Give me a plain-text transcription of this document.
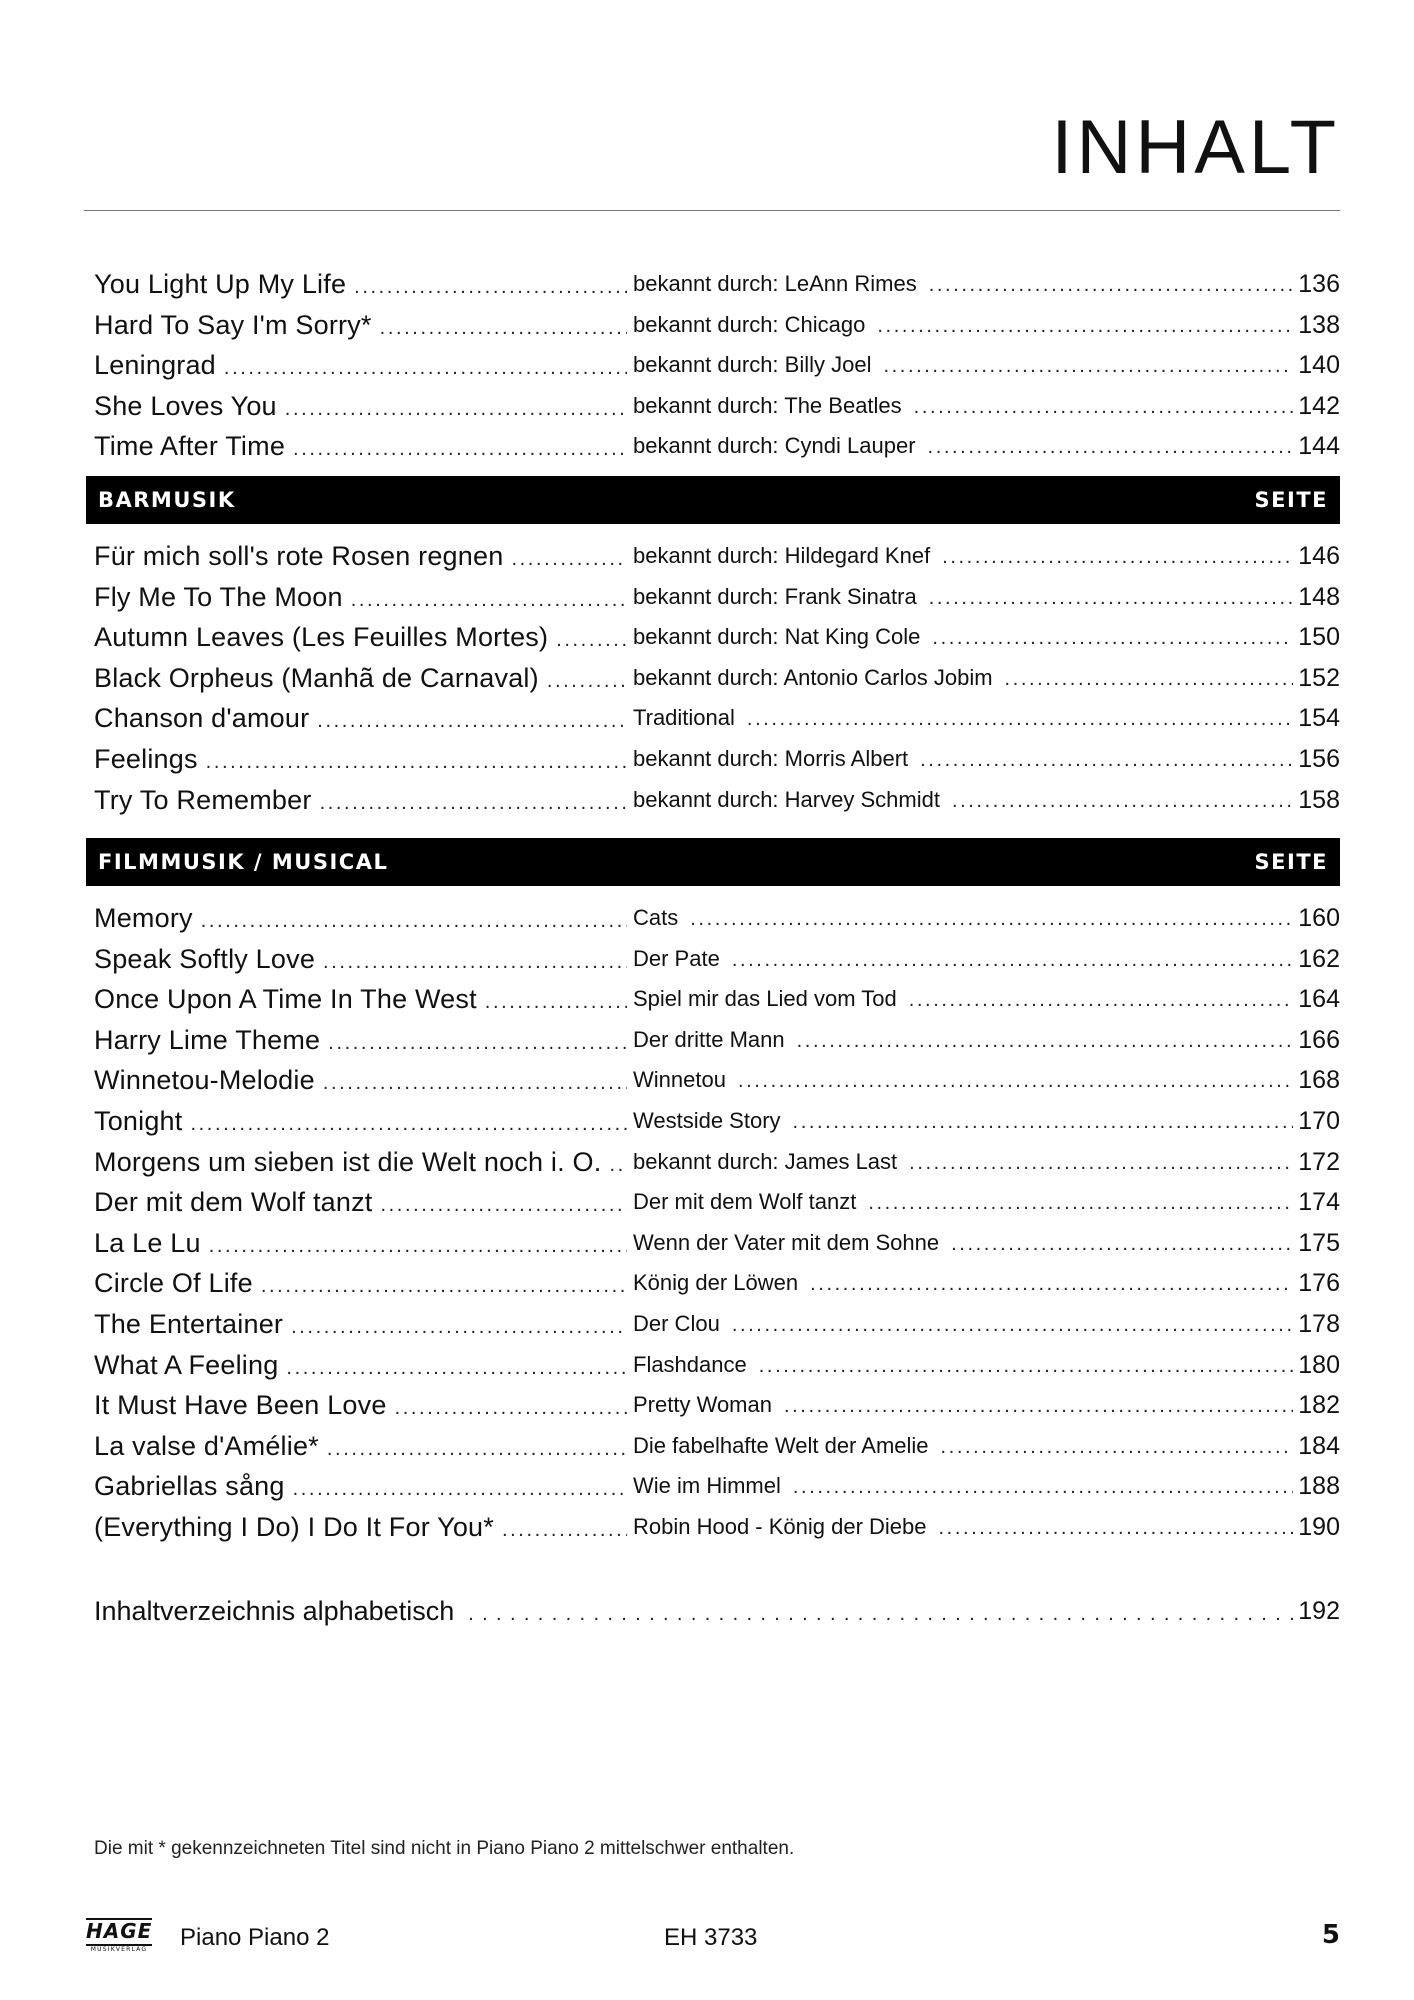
INHALT
You Light Up My Life .....	bekannt durch: LeAnn Rimes .....	136
Hard To Say I'm Sorry* .....	bekannt durch: Chicago .....	138
Leningrad .....	bekannt durch: Billy Joel .....	140
She Loves You .....	bekannt durch: The Beatles .....	142
Time After Time .....	bekannt durch: Cyndi Lauper .....	144
BARMUSIK	SEITE
Für mich soll's rote Rosen regnen .....	bekannt durch: Hildegard Knef .....	146
Fly Me To The Moon .....	bekannt durch: Frank Sinatra .....	148
Autumn Leaves (Les Feuilles Mortes) .....	bekannt durch: Nat King Cole .....	150
Black Orpheus (Manhã de Carnaval) .....	bekannt durch: Antonio Carlos Jobim .....	152
Chanson d'amour .....	Traditional .....	154
Feelings .....	bekannt durch: Morris Albert .....	156
Try To Remember .....	bekannt durch: Harvey Schmidt .....	158
FILMMUSIK / MUSICAL	SEITE
Memory .....	Cats .....	160
Speak Softly Love .....	Der Pate .....	162
Once Upon A Time In The West .....	Spiel mir das Lied vom Tod .....	164
Harry Lime Theme .....	Der dritte Mann .....	166
Winnetou-Melodie .....	Winnetou .....	168
Tonight .....	Westside Story .....	170
Morgens um sieben ist die Welt noch i. O. .....	bekannt durch: James Last .....	172
Der mit dem Wolf tanzt .....	Der mit dem Wolf tanzt .....	174
La Le Lu .....	Wenn der Vater mit dem Sohne .....	175
Circle Of Life .....	König der Löwen .....	176
The Entertainer .....	Der Clou .....	178
What A Feeling .....	Flashdance .....	180
It Must Have Been Love .....	Pretty Woman .....	182
La valse d'Amélie* .....	Die fabelhafte Welt der Amelie .....	184
Gabriellas sång .....	Wie im Himmel .....	188
(Everything I Do) I Do It For You* .....	Robin Hood - König der Diebe .....	190
Inhaltverzeichnis alphabetisch . . .	192
Die mit * gekennzeichneten Titel sind nicht in Piano Piano 2 mittelschwer enthalten.
HAGE
MUSIKVERLAG Piano Piano 2	EH 3733	5
